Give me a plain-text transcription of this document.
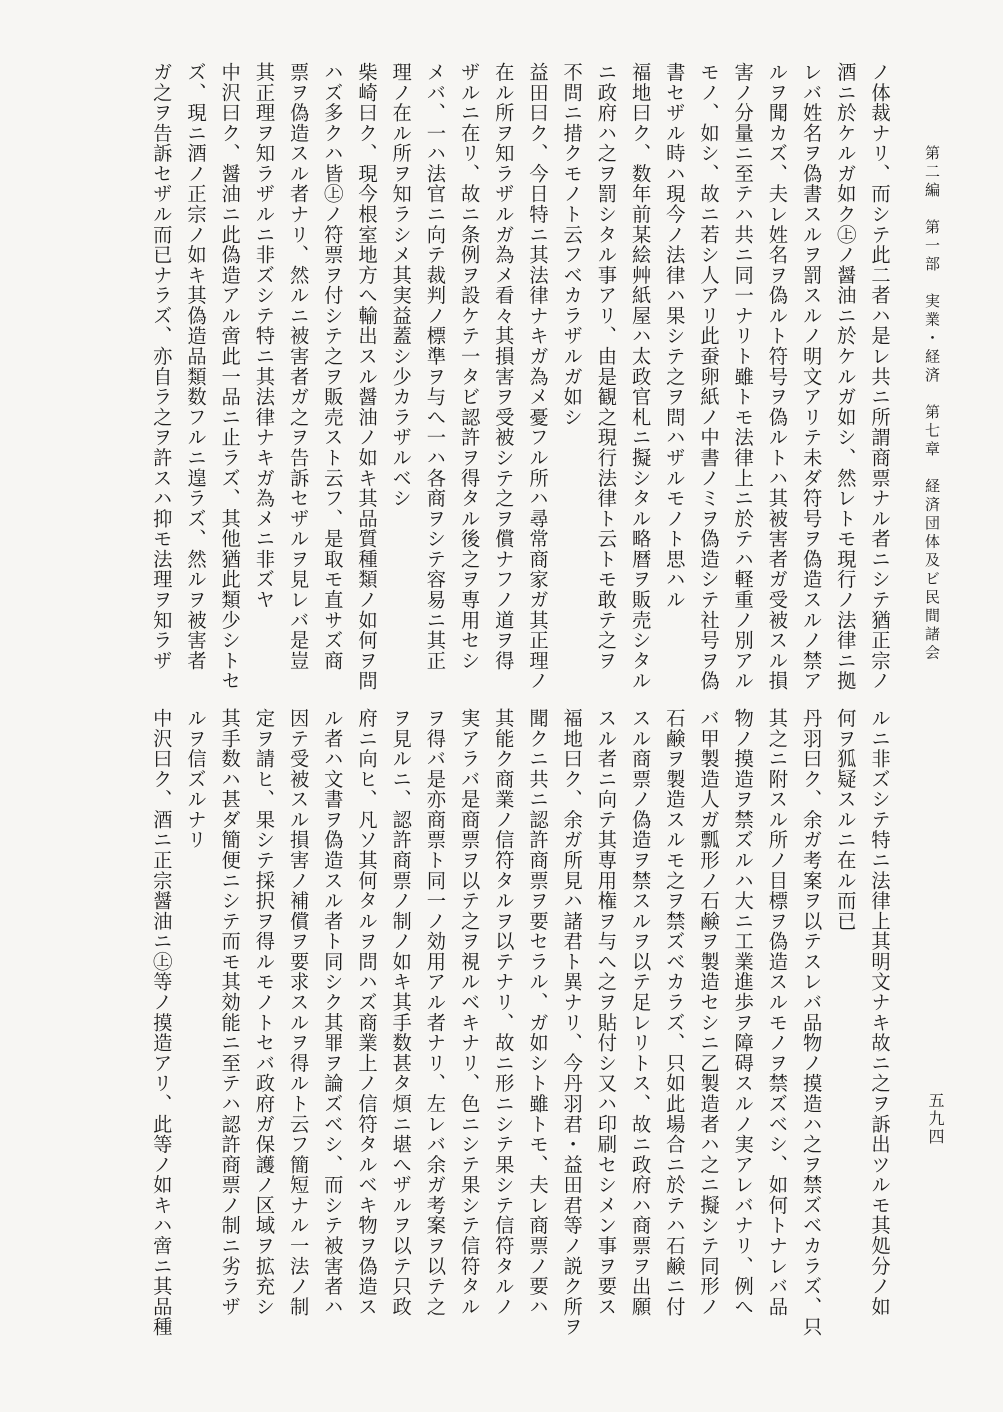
第二編　第一部　実業・経済　第七章　経済団体及ビ民間諸会
五九四
ノ体裁ナリ、而シテ此二者ハ是レ共ニ所謂商票ナル者ニシテ猶正宗ノ
酒ニ於ケルガ如ク㊤ノ醤油ニ於ケルガ如シ、然レトモ現行ノ法律ニ拠
レバ姓名ヲ偽書スルヲ罰スルノ明文アリテ未ダ符号ヲ偽造スルノ禁ア
ルヲ聞カズ、夫レ姓名ヲ偽ルト符号ヲ偽ルトハ其被害者ガ受被スル損
害ノ分量ニ至テハ共ニ同一ナリト雖トモ法律上ニ於テハ軽重ノ別アル
モノ、如シ、故ニ若シ人アリ此蚕卵紙ノ中書ノミヲ偽造シテ社号ヲ偽
書セザル時ハ現今ノ法律ハ果シテ之ヲ問ハザルモノト思ハル
福地曰ク、数年前某絵艸紙屋ハ太政官札ニ擬シタル略暦ヲ販売シタル
ニ政府ハ之ヲ罰シタル事アリ、由是観之現行法律ト云トモ敢テ之ヲ
不問ニ措クモノト云フベカラザルガ如シ
益田曰ク、今日特ニ其法律ナキガ為メ憂フル所ハ尋常商家ガ其正理ノ
在ル所ヲ知ラザルガ為メ看々其損害ヲ受被シテ之ヲ償ナフノ道ヲ得
ザルニ在リ、故ニ条例ヲ設ケテ一タビ認許ヲ得タル後之ヲ専用セシ
メバ、一ハ法官ニ向テ裁判ノ標準ヲ与へ一ハ各商ヲシテ容易ニ其正
理ノ在ル所ヲ知ラシメ其実益蓋シ少カラザルベシ
柴崎曰ク、現今根室地方へ輸出スル醤油ノ如キ其品質種類ノ如何ヲ問
ハズ多クハ皆㊤ノ符票ヲ付シテ之ヲ販売スト云フ、是取モ直サズ商
票ヲ偽造スル者ナリ、然ルニ被害者ガ之ヲ告訴セザルヲ見レバ是豈
其正理ヲ知ラザルニ非ズシテ特ニ其法律ナキガ為メニ非ズヤ
中沢曰ク、醤油ニ此偽造アル啻此一品ニ止ラズ、其他猶此類少シトセ
ズ、現ニ酒ノ正宗ノ如キ其偽造品類数フルニ遑ラズ、然ルヲ被害者
ガ之ヲ告訴セザル而已ナラズ、亦自ラ之ヲ許スハ抑モ法理ヲ知ラザ
ルニ非ズシテ特ニ法律上其明文ナキ故ニ之ヲ訴出ツルモ其処分ノ如
何ヲ狐疑スルニ在ル而已
丹羽曰ク、余ガ考案ヲ以テスレバ品物ノ摸造ハ之ヲ禁ズベカラズ、只
其之ニ附スル所ノ目標ヲ偽造スルモノヲ禁ズベシ、如何トナレバ品
物ノ摸造ヲ禁ズルハ大ニ工業進歩ヲ障碍スルノ実アレバナリ、例へ
バ甲製造人ガ瓢形ノ石鹸ヲ製造セシニ乙製造者ハ之ニ擬シテ同形ノ
石鹸ヲ製造スルモ之ヲ禁ズベカラズ、只如此場合ニ於テハ石鹸ニ付
スル商票ノ偽造ヲ禁スルヲ以テ足レリトス、故ニ政府ハ商票ヲ出願
スル者ニ向テ其専用権ヲ与へ之ヲ貼付シ又ハ印刷セシメン事ヲ要ス
福地曰ク、余ガ所見ハ諸君ト異ナリ、今丹羽君・益田君等ノ説ク所ヲ
聞クニ共ニ認許商票ヲ要セラル、ガ如シト雖トモ、夫レ商票ノ要ハ
其能ク商業ノ信符タルヲ以テナリ、故ニ形ニシテ果シテ信符タルノ
実アラバ是商票ヲ以テ之ヲ視ルベキナリ、色ニシテ果シテ信符タル
ヲ得バ是亦商票ト同一ノ効用アル者ナリ、左レバ余ガ考案ヲ以テ之
ヲ見ルニ、認許商票ノ制ノ如キ其手数甚タ煩ニ堪へザルヲ以テ只政
府ニ向ヒ、凡ソ其何タルヲ問ハズ商業上ノ信符タルベキ物ヲ偽造ス
ル者ハ文書ヲ偽造スル者ト同シク其罪ヲ論ズベシ、而シテ被害者ハ
因テ受被スル損害ノ補償ヲ要求スルヲ得ルト云フ簡短ナル一法ノ制
定ヲ請ヒ、果シテ採択ヲ得ルモノトセバ政府ガ保護ノ区域ヲ拡充シ
其手数ハ甚ダ簡便ニシテ而モ其効能ニ至テハ認許商票ノ制ニ劣ラザ
ルヲ信ズルナリ
中沢曰ク、酒ニ正宗醤油ニ㊤等ノ摸造アリ、此等ノ如キハ啻ニ其品種
